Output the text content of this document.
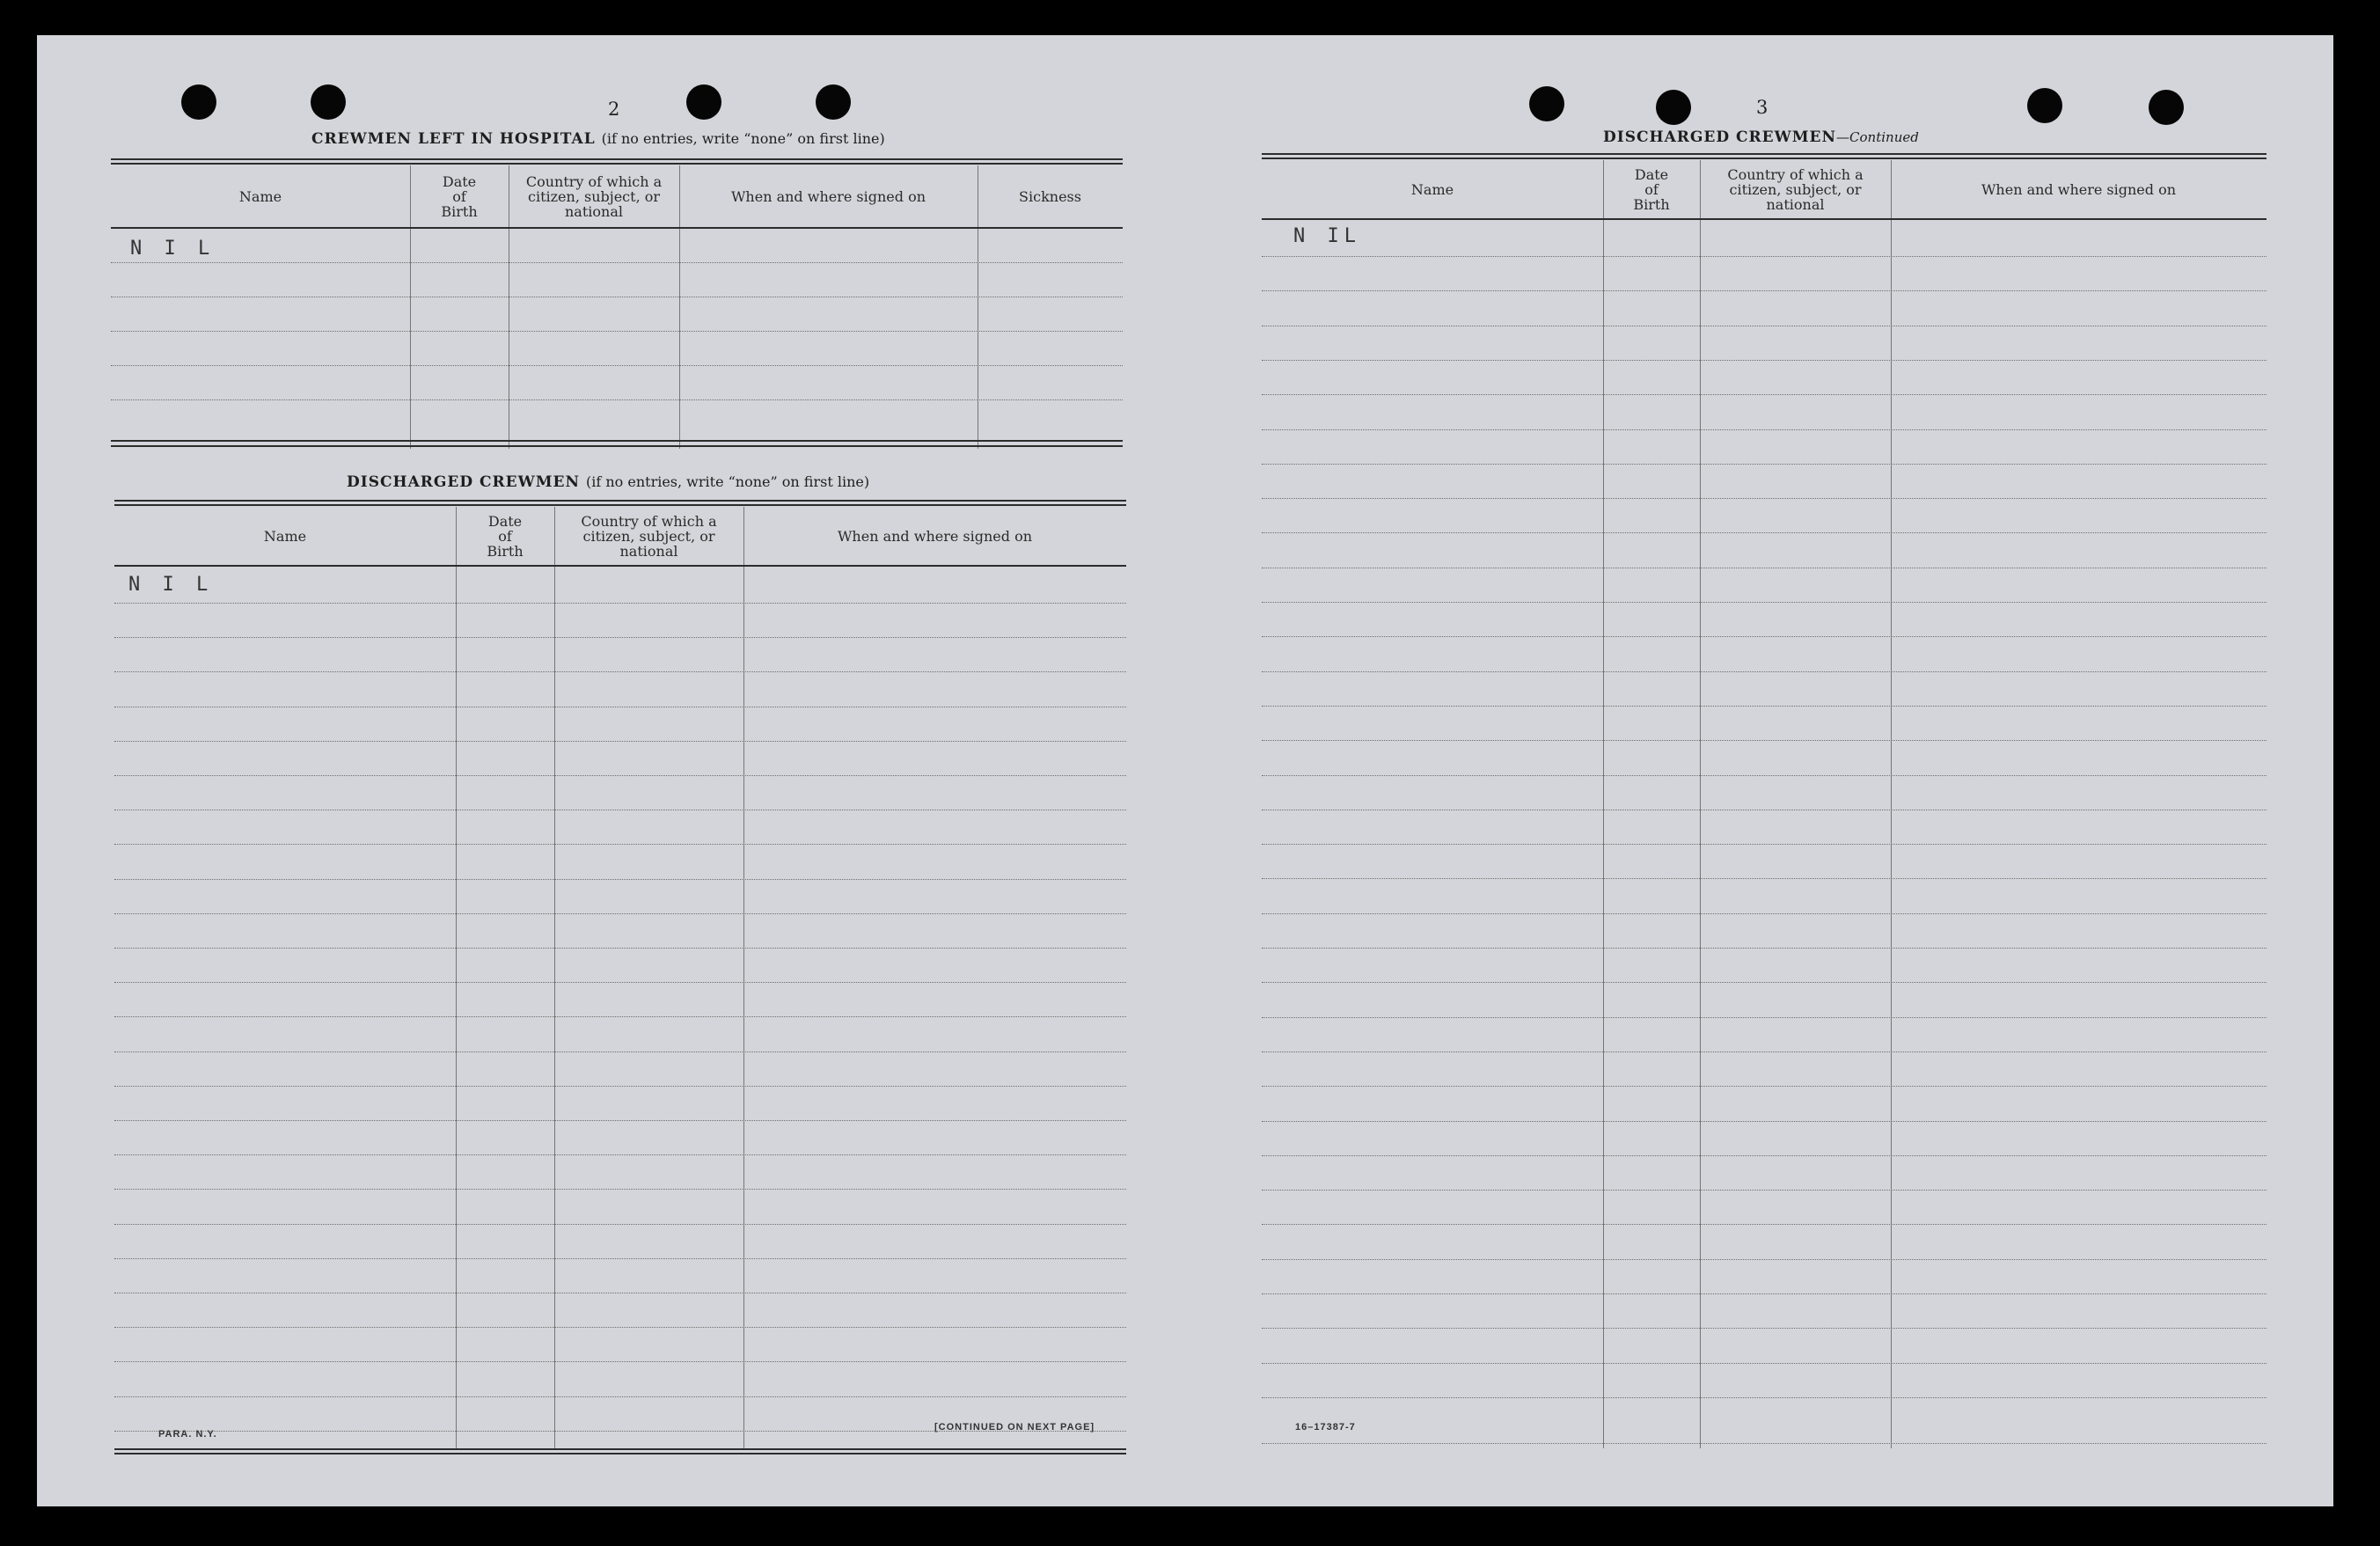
2
CREWMEN LEFT IN HOSPITAL (if no entries, write “none” on first line)
Name
Date
of
Birth
Country of which a
citizen, subject, or
national
When and where signed on	Sickness
N I L
DISCHARGED CREWMEN (if no entries, write “none” on first line)
Name
Date
of
Birth
Country of which a
citizen, subject, or
national
When and where signed on
N I L
PARA. N.Y.
[CONTINUED ON NEXT PAGE]
3
DISCHARGED CREWMEN—Continued
Name
Date
of
Birth
Country of which a
citizen, subject, or
national
When and where signed on
N IL
16–17387-7
